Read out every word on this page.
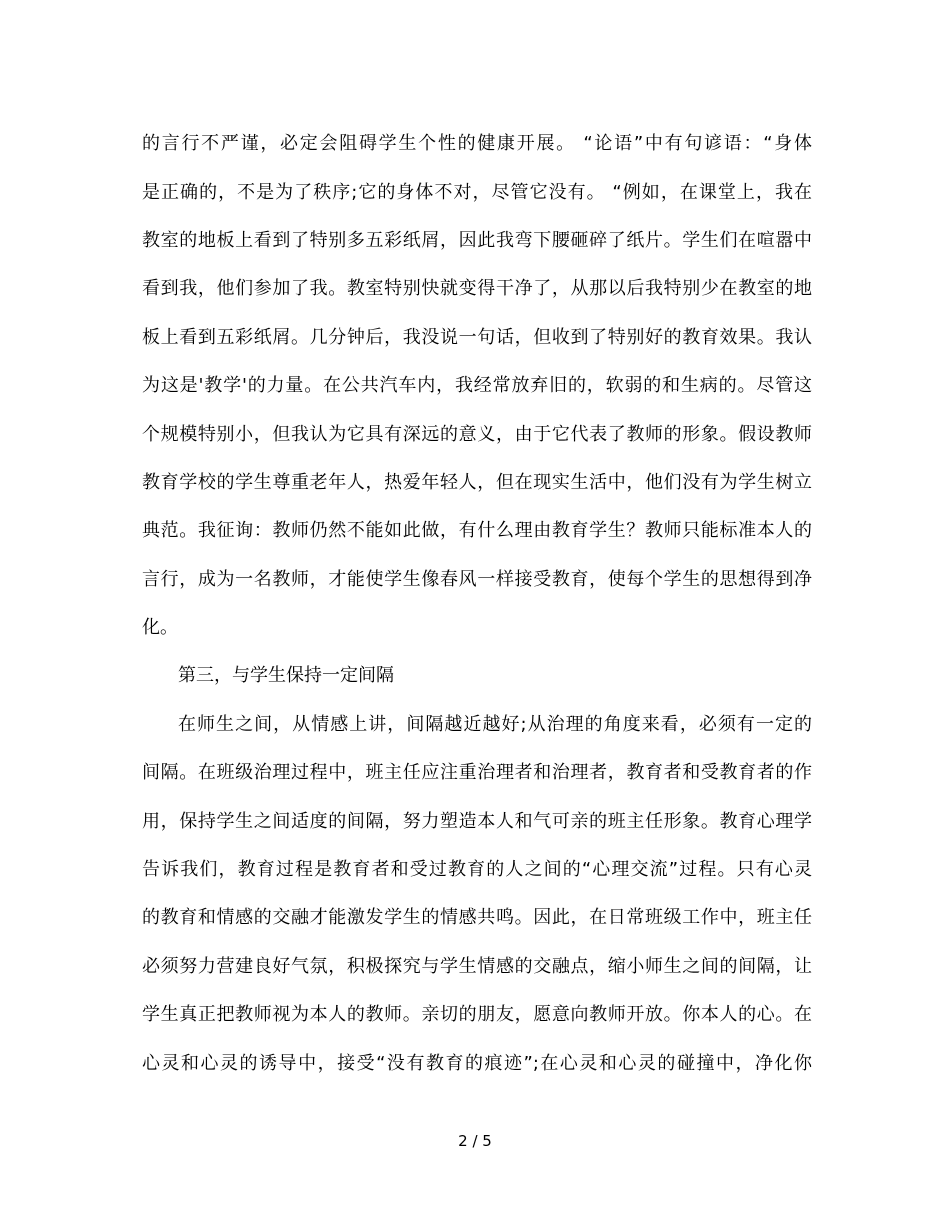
的言行不严谨，必定会阻碍学生个性的健康开展。 “论语”中有句谚语：“身体
是正确的，不是为了秩序;它的身体不对，尽管它没有。 “例如，在课堂上，我在
教室的地板上看到了特别多五彩纸屑，因此我弯下腰砸碎了纸片。学生们在喧嚣中
看到我，他们参加了我。教室特别快就变得干净了，从那以后我特别少在教室的地
板上看到五彩纸屑。几分钟后，我没说一句话，但收到了特别好的教育效果。我认
为这是'教学'的力量。在公共汽车内，我经常放弃旧的，软弱的和生病的。尽管这
个规模特别小，但我认为它具有深远的意义，由于它代表了教师的形象。假设教师
教育学校的学生尊重老年人，热爱年轻人，但在现实生活中，他们没有为学生树立
典范。我征询：教师仍然不能如此做，有什么理由教育学生？教师只能标准本人的
言行，成为一名教师，才能使学生像春风一样接受教育，使每个学生的思想得到净
化。
第三，与学生保持一定间隔
在师生之间，从情感上讲，间隔越近越好;从治理的角度来看，必须有一定的
间隔。在班级治理过程中，班主任应注重治理者和治理者，教育者和受教育者的作
用，保持学生之间适度的间隔，努力塑造本人和气可亲的班主任形象。教育心理学
告诉我们，教育过程是教育者和受过教育的人之间的“心理交流”过程。只有心灵
的教育和情感的交融才能激发学生的情感共鸣。因此，在日常班级工作中，班主任
必须努力营建良好气氛，积极探究与学生情感的交融点，缩小师生之间的间隔，让
学生真正把教师视为本人的教师。亲切的朋友，愿意向教师开放。你本人的心。在
心灵和心灵的诱导中，接受“没有教育的痕迹”;在心灵和心灵的碰撞中，净化你
2 / 5
